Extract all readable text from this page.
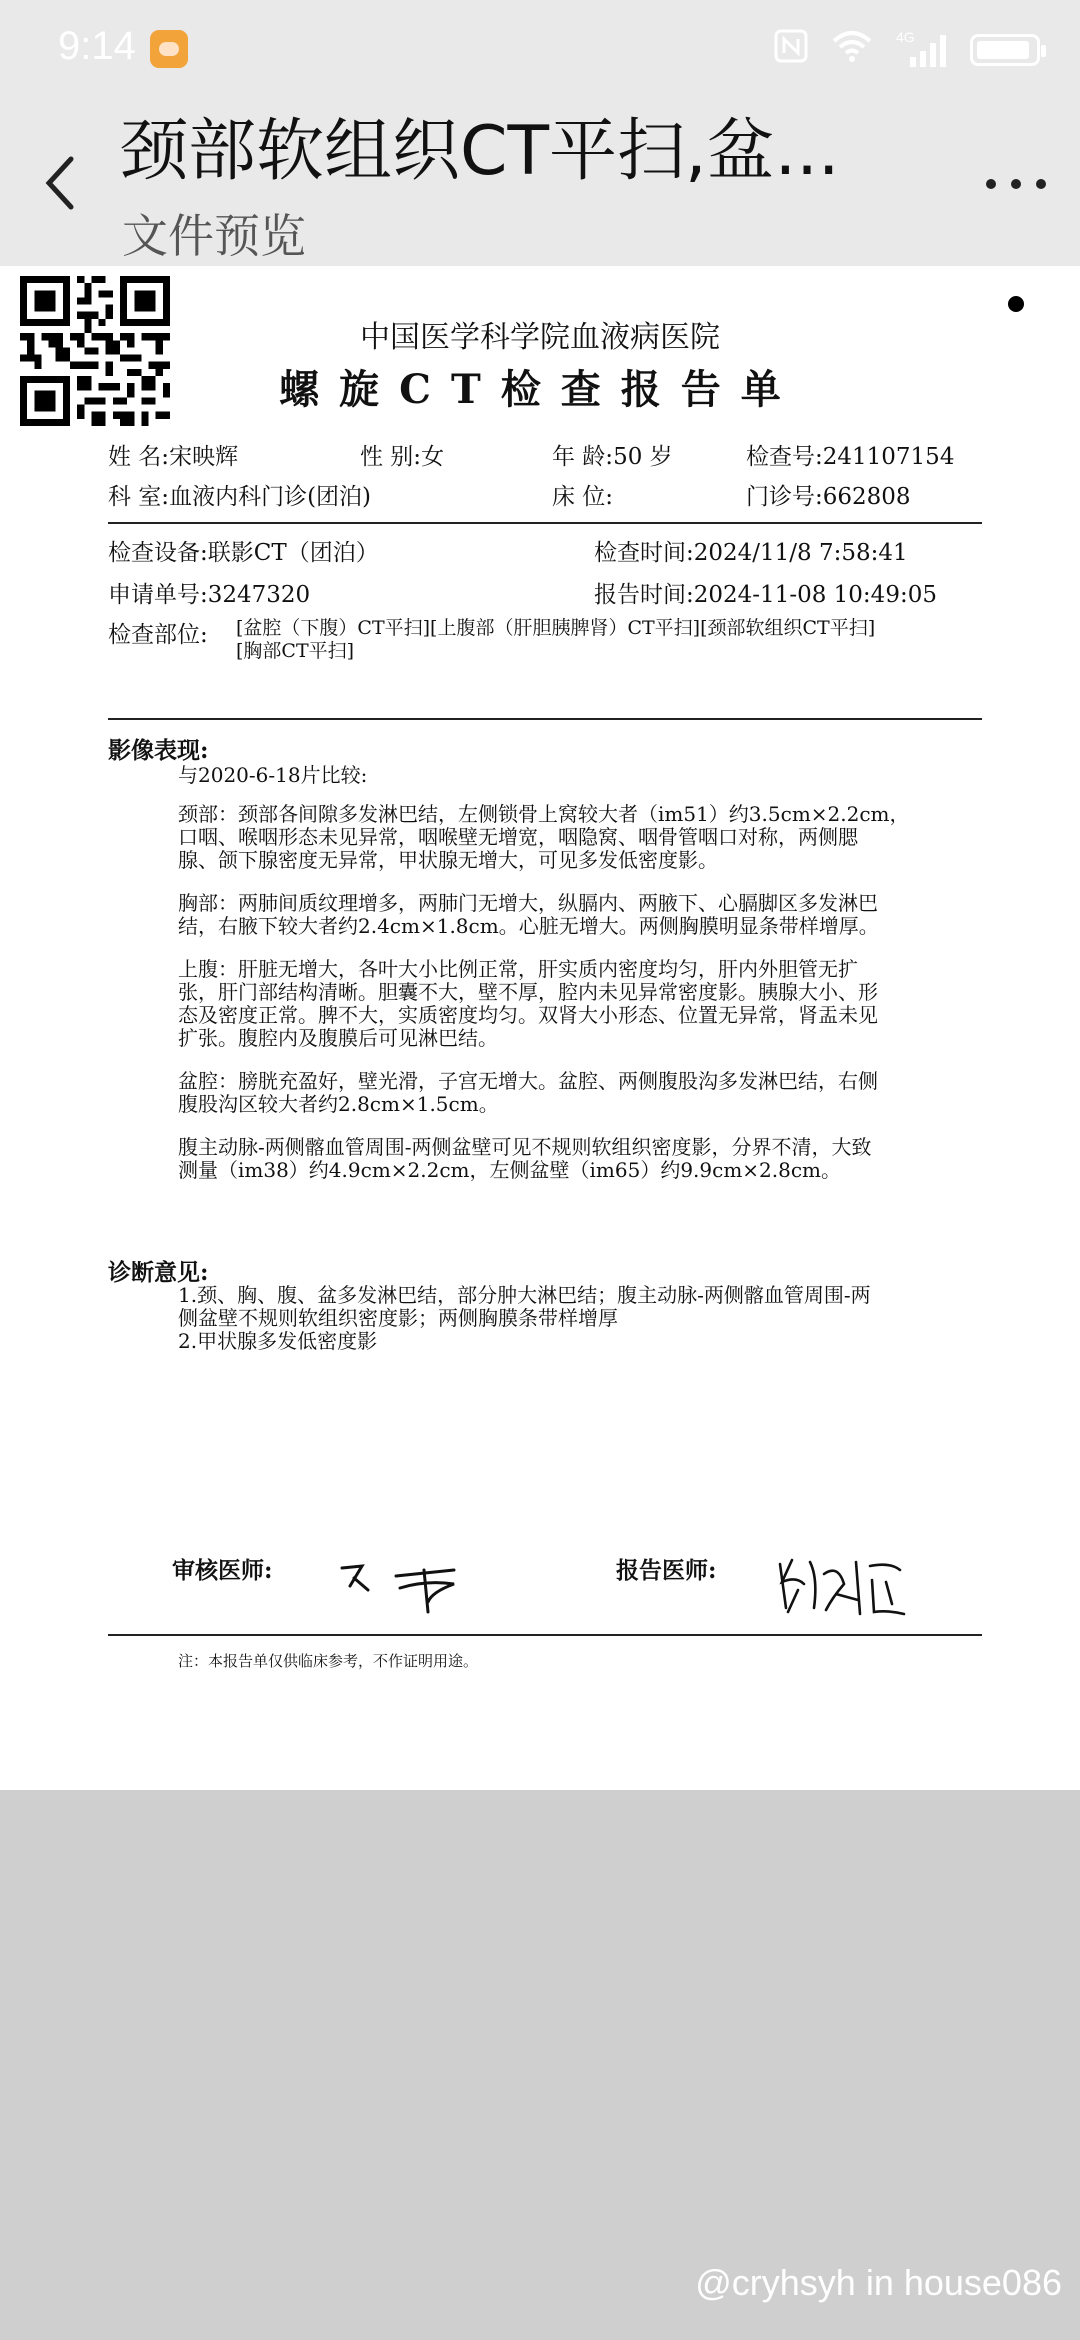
9:14	4G
颈部软组织CT平扫,盆...
文件预览
中国医学科学院血液病医院
螺旋CT检查报告单
姓 名:宋映辉	性 别:女	年 龄:50 岁	检查号:241107154
科 室:血液内科门诊(团泊)	床 位:	门诊号:662808
检查设备:联影CT（团泊）	检查时间:2024/11/8 7:58:41
申请单号:3247320	报告时间:2024-11-08 10:49:05
检查部位: [盆腔（下腹）CT平扫][上腹部（肝胆胰脾肾）CT平扫][颈部软组织CT平扫]
[胸部CT平扫]
影像表现:
与2020-6-18片比较:
颈部：颈部各间隙多发淋巴结，左侧锁骨上窝较大者（im51）约3.5cm×2.2cm，
口咽、喉咽形态未见异常，咽喉壁无增宽，咽隐窝、咽骨管咽口对称，两侧腮
腺、颌下腺密度无异常，甲状腺无增大，可见多发低密度影。
胸部：两肺间质纹理增多，两肺门无增大，纵膈内、两腋下、心膈脚区多发淋巴
结，右腋下较大者约2.4cm×1.8cm。心脏无增大。两侧胸膜明显条带样增厚。
上腹：肝脏无增大，各叶大小比例正常，肝实质内密度均匀，肝内外胆管无扩
张，肝门部结构清晰。胆囊不大，壁不厚，腔内未见异常密度影。胰腺大小、形
态及密度正常。脾不大，实质密度均匀。双肾大小形态、位置无异常，肾盂未见
扩张。腹腔内及腹膜后可见淋巴结。
盆腔：膀胱充盈好，壁光滑，子宫无增大。盆腔、两侧腹股沟多发淋巴结，右侧
腹股沟区较大者约2.8cm×1.5cm。
腹主动脉-两侧髂血管周围-两侧盆壁可见不规则软组织密度影，分界不清，大致
测量（im38）约4.9cm×2.2cm，左侧盆壁（im65）约9.9cm×2.8cm。
诊断意见:
1.颈、胸、腹、盆多发淋巴结，部分肿大淋巴结；腹主动脉-两侧髂血管周围-两
侧盆壁不规则软组织密度影；两侧胸膜条带样增厚
2.甲状腺多发低密度影
审核医师:	报告医师:
注：本报告单仅供临床参考，不作证明用途。
@cryhsyh in house086
